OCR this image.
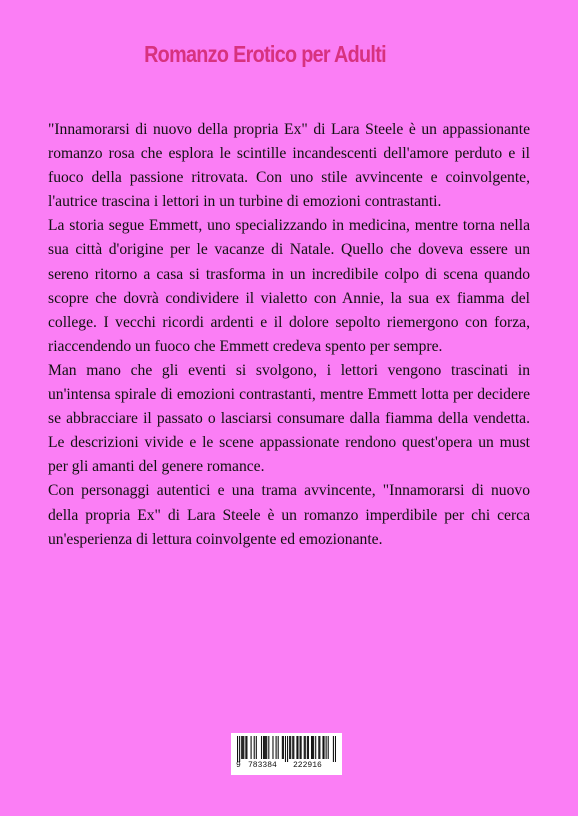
Romanzo Erotico per Adulti

"Innamorarsi di nuovo della propria Ex" di Lara Steele è un appassionante romanzo rosa che esplora le scintille incandescenti dell'amore perduto e il fuoco della passione ritrovata. Con uno stile avvincente e coinvolgente, l'autrice trascina i lettori in un turbine di emozioni contrastanti.

La storia segue Emmett, uno specializzando in medicina, mentre torna nella sua città d'origine per le vacanze di Natale. Quello che doveva essere un sereno ritorno a casa si trasforma in un incredibile colpo di scena quando scopre che dovrà condividere il vialetto con Annie, la sua ex fiamma del college. I vecchi ricordi ardenti e il dolore sepolto riemergono con forza, riaccendendo un fuoco che Emmett credeva spento per sempre.

Man mano che gli eventi si svolgono, i lettori vengono trascinati in un'intensa spirale di emozioni contrastanti, mentre Emmett lotta per decidere se abbracciare il passato o lasciarsi consumare dalla fiamma della vendetta. Le descrizioni vivide e le scene appassionate rendono quest'opera un must per gli amanti del genere romance.

Con personaggi autentici e una trama avvincente, "Innamorarsi di nuovo della propria Ex" di Lara Steele è un romanzo imperdibile per chi cerca un'esperienza di lettura coinvolgente ed emozionante.

9 783384 222916
